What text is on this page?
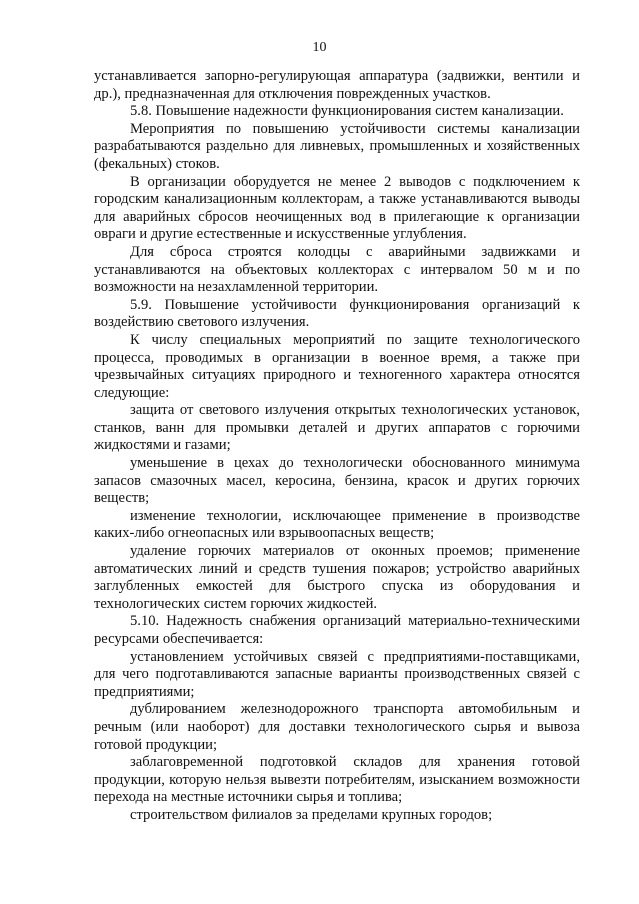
10

устанавливается запорно-регулирующая аппаратура (задвижки, вентили и др.), предназначенная для отключения поврежденных участков.

5.8. Повышение надежности функционирования систем канализации.

Мероприятия по повышению устойчивости системы канализации разрабатываются раздельно для ливневых, промышленных и хозяйственных (фекальных) стоков.

В организации оборудуется не менее 2 выводов с подключением к городским канализационным коллекторам, а также устанавливаются выводы для аварийных сбросов неочищенных вод в прилегающие к организации овраги и другие естественные и искусственные углубления.

Для сброса строятся колодцы с аварийными задвижками и устанавливаются на объектовых коллекторах с интервалом 50 м и по возможности на незахламленной территории.

5.9. Повышение устойчивости функционирования организаций к воздействию светового излучения.

К числу специальных мероприятий по защите технологического процесса, проводимых в организации в военное время, а также при чрезвычайных ситуациях природного и техногенного характера относятся следующие:

защита от светового излучения открытых технологических установок, станков, ванн для промывки деталей и других аппаратов с горючими жидкостями и газами;

уменьшение в цехах до технологически обоснованного минимума запасов смазочных масел, керосина, бензина, красок и других горючих веществ;

изменение технологии, исключающее применение в производстве каких-либо огнеопасных или взрывоопасных веществ;

удаление горючих материалов от оконных проемов; применение автоматических линий и средств тушения пожаров; устройство аварийных заглубленных емкостей для быстрого спуска из оборудования и технологических систем горючих жидкостей.

5.10. Надежность снабжения организаций материально-техническими ресурсами обеспечивается:

установлением устойчивых связей с предприятиями-поставщиками, для чего подготавливаются запасные варианты производственных связей с предприятиями;

дублированием железнодорожного транспорта автомобильным и речным (или наоборот) для доставки технологического сырья и вывоза готовой продукции;

заблаговременной подготовкой складов для хранения готовой продукции, которую нельзя вывезти потребителям, изысканием возможности перехода на местные источники сырья и топлива;

строительством филиалов за пределами крупных городов;
